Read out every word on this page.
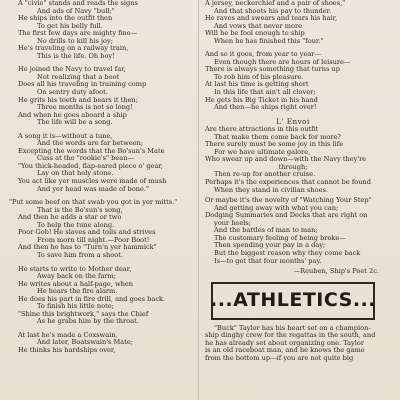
A "civie" stands and reads the signs
And ads of Navy "bull;"
He ships into the outfit then
To get his belly full.
The first few days are mighty fine—
No drills to kill his joy;
He's traveling on a railway train,
This is the life. Oh boy!
He joined the Navy to travel far,
Not realizing that a boot
Does all his traveling in training comp
On sentry duty afoot.
He grits his teeth and bears it then;
Three months is not so long!
And when he goes aboard a ship
The life will be a song.
A song it is—without a tune,
And the words are far between;
Excepting the words that the Bo'sun's Mate
Cuss at the "rookie's" bean—
"You thick-headed, flap-eared piece o' gear,
Lay on that holy stone.
You act like yer muscles were made of mush
And yer head was made of bone."
"Put some beef on that swab you got in yer mitts."
That is the Bo'sun's song,
And then he adds a star or two
To help the tune along.
Poor Gob! He slaves and toils and strives
From morn till night.—Poor Boot!
And then he has to "Turn'n yer hammick"
To save him from a shoot.
He starts to write to Mother dear,
Away back on the farm;
He writes about a half-page, when
He hears the fire alarm.
He does his part in fire drill, and goes back.
To finish his little note;
"Shine this brightwork," says the Chief
As he grabs him by the throat.
At last he's made a Coxswain,
And later, Boatswain's Mate;
He thinks his hardships over,
A jersey, neckerchief and a pair of shoes,"
And that shoots his pay to thunder.
He raves and swears and tears his hair,
And vows that never more
Will he be fool enough to ship
When he has finished this "four."
And so it goes, from year to year—
Even though there are hours of leisure—
There is always something that turns up
To rob him of his pleasure.
At last his time is getting short
In this life that ain't all clover;
He gets his Big Ticket in his hand
And then—he ships right over!
L' Envoi
Are there attractions in this outfit
That make them come back for more?
There surely must be some joy in this life
For we have ultimate galore,
Who swear up and down—with the Navy they're
through;
Then re-up for another cruise.
Perhaps it's the experiences that cannot be found
When they stand in civilian shoes.
Or maybe it's the novelty of "Watching Your Step"
And getting away with what you can;
Dodging Summaries and Decks that are right on
your heels;
And the battles of man to man;
The customary feeling of being broke—
Then spending your pay in a day;
But the biggest reason why they come back
Is—to get that four months' pay.
—Reuben, Ship's Poet 2c.
...ATHLETICS...
"Buck" Taylor has his heart set on a champion-
ship dinghy crew for the regattas in the south, and
he has already set about organizing one. Taylor
is an old raceboat man, and he knows the game
from the bottom up—if you are not quite big
